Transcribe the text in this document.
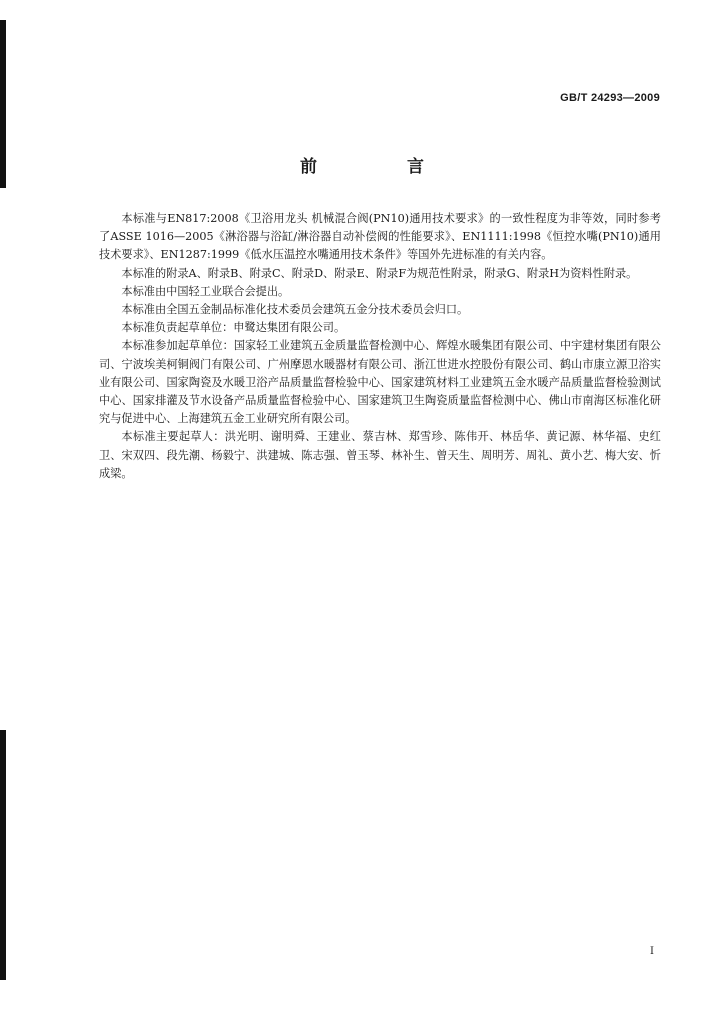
GB/T 24293—2009
前 言

本标准与EN817:2008《卫浴用龙头 机械混合阀(PN10)通用技术要求》的一致性程度为非等效，同时参考了ASSE 1016—2005《淋浴器与浴缸/淋浴器自动补偿阀的性能要求》、EN1111:1998《恒控水嘴(PN10)通用技术要求》、EN1287:1999《低水压温控水嘴通用技术条件》等国外先进标准的有关内容。

本标准的附录A、附录B、附录C、附录D、附录E、附录F为规范性附录，附录G、附录H为资料性附录。

本标准由中国轻工业联合会提出。

本标准由全国五金制品标准化技术委员会建筑五金分技术委员会归口。

本标准负责起草单位：申鹭达集团有限公司。

本标准参加起草单位：国家轻工业建筑五金质量监督检测中心、辉煌水暖集团有限公司、中宇建材集团有限公司、宁波埃美柯铜阀门有限公司、广州摩恩水暖器材有限公司、浙江世进水控股份有限公司、鹤山市康立源卫浴实业有限公司、国家陶瓷及水暖卫浴产品质量监督检验中心、国家建筑材料工业建筑五金水暖产品质量监督检验测试中心、国家排灌及节水设备产品质量监督检验中心、国家建筑卫生陶瓷质量监督检测中心、佛山市南海区标准化研究与促进中心、上海建筑五金工业研究所有限公司。

本标准主要起草人：洪光明、谢明舜、王建业、蔡吉林、郑雪珍、陈伟开、林岳华、黄记源、林华福、史红卫、宋双四、段先潮、杨毅宁、洪建城、陈志强、曾玉琴、林补生、曾天生、周明芳、周礼、黄小艺、梅大安、忻成梁。

I
